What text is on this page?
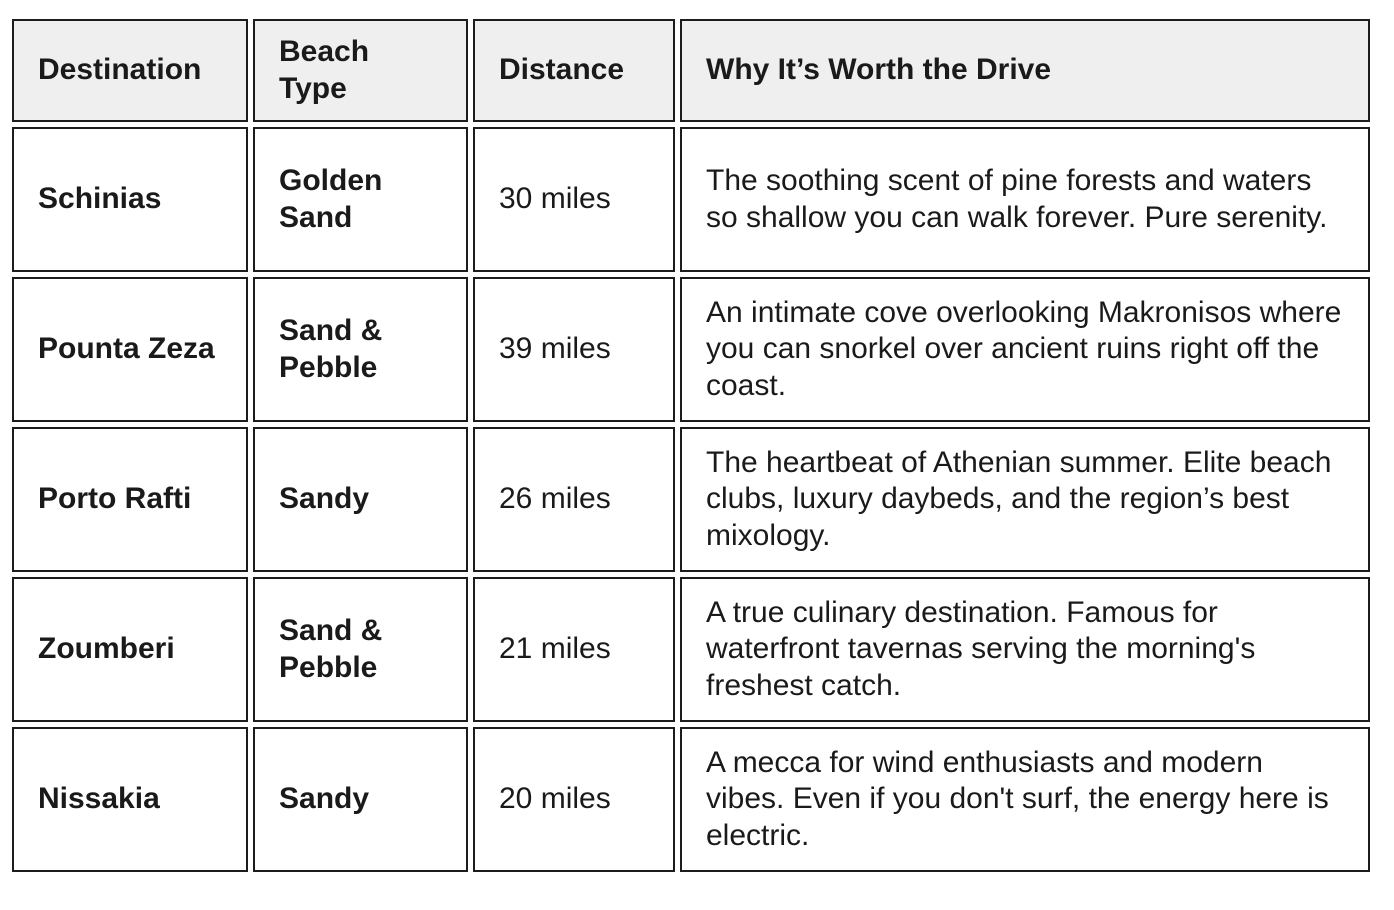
Destination	Beach Type	Distance	Why It’s Worth the Drive
Schinias	Golden Sand	30 miles	The soothing scent of pine forests and waters so shallow you can walk forever. Pure serenity.
Pounta Zeza	Sand & Pebble	39 miles	An intimate cove overlooking Makronisos where you can snorkel over ancient ruins right off the coast.
Porto Rafti	Sandy	26 miles	The heartbeat of Athenian summer. Elite beach clubs, luxury daybeds, and the region’s best mixology.
Zoumberi	Sand & Pebble	21 miles	A true culinary destination. Famous for waterfront tavernas serving the morning's freshest catch.
Nissakia	Sandy	20 miles	A mecca for wind enthusiasts and modern vibes. Even if you don't surf, the energy here is electric.
